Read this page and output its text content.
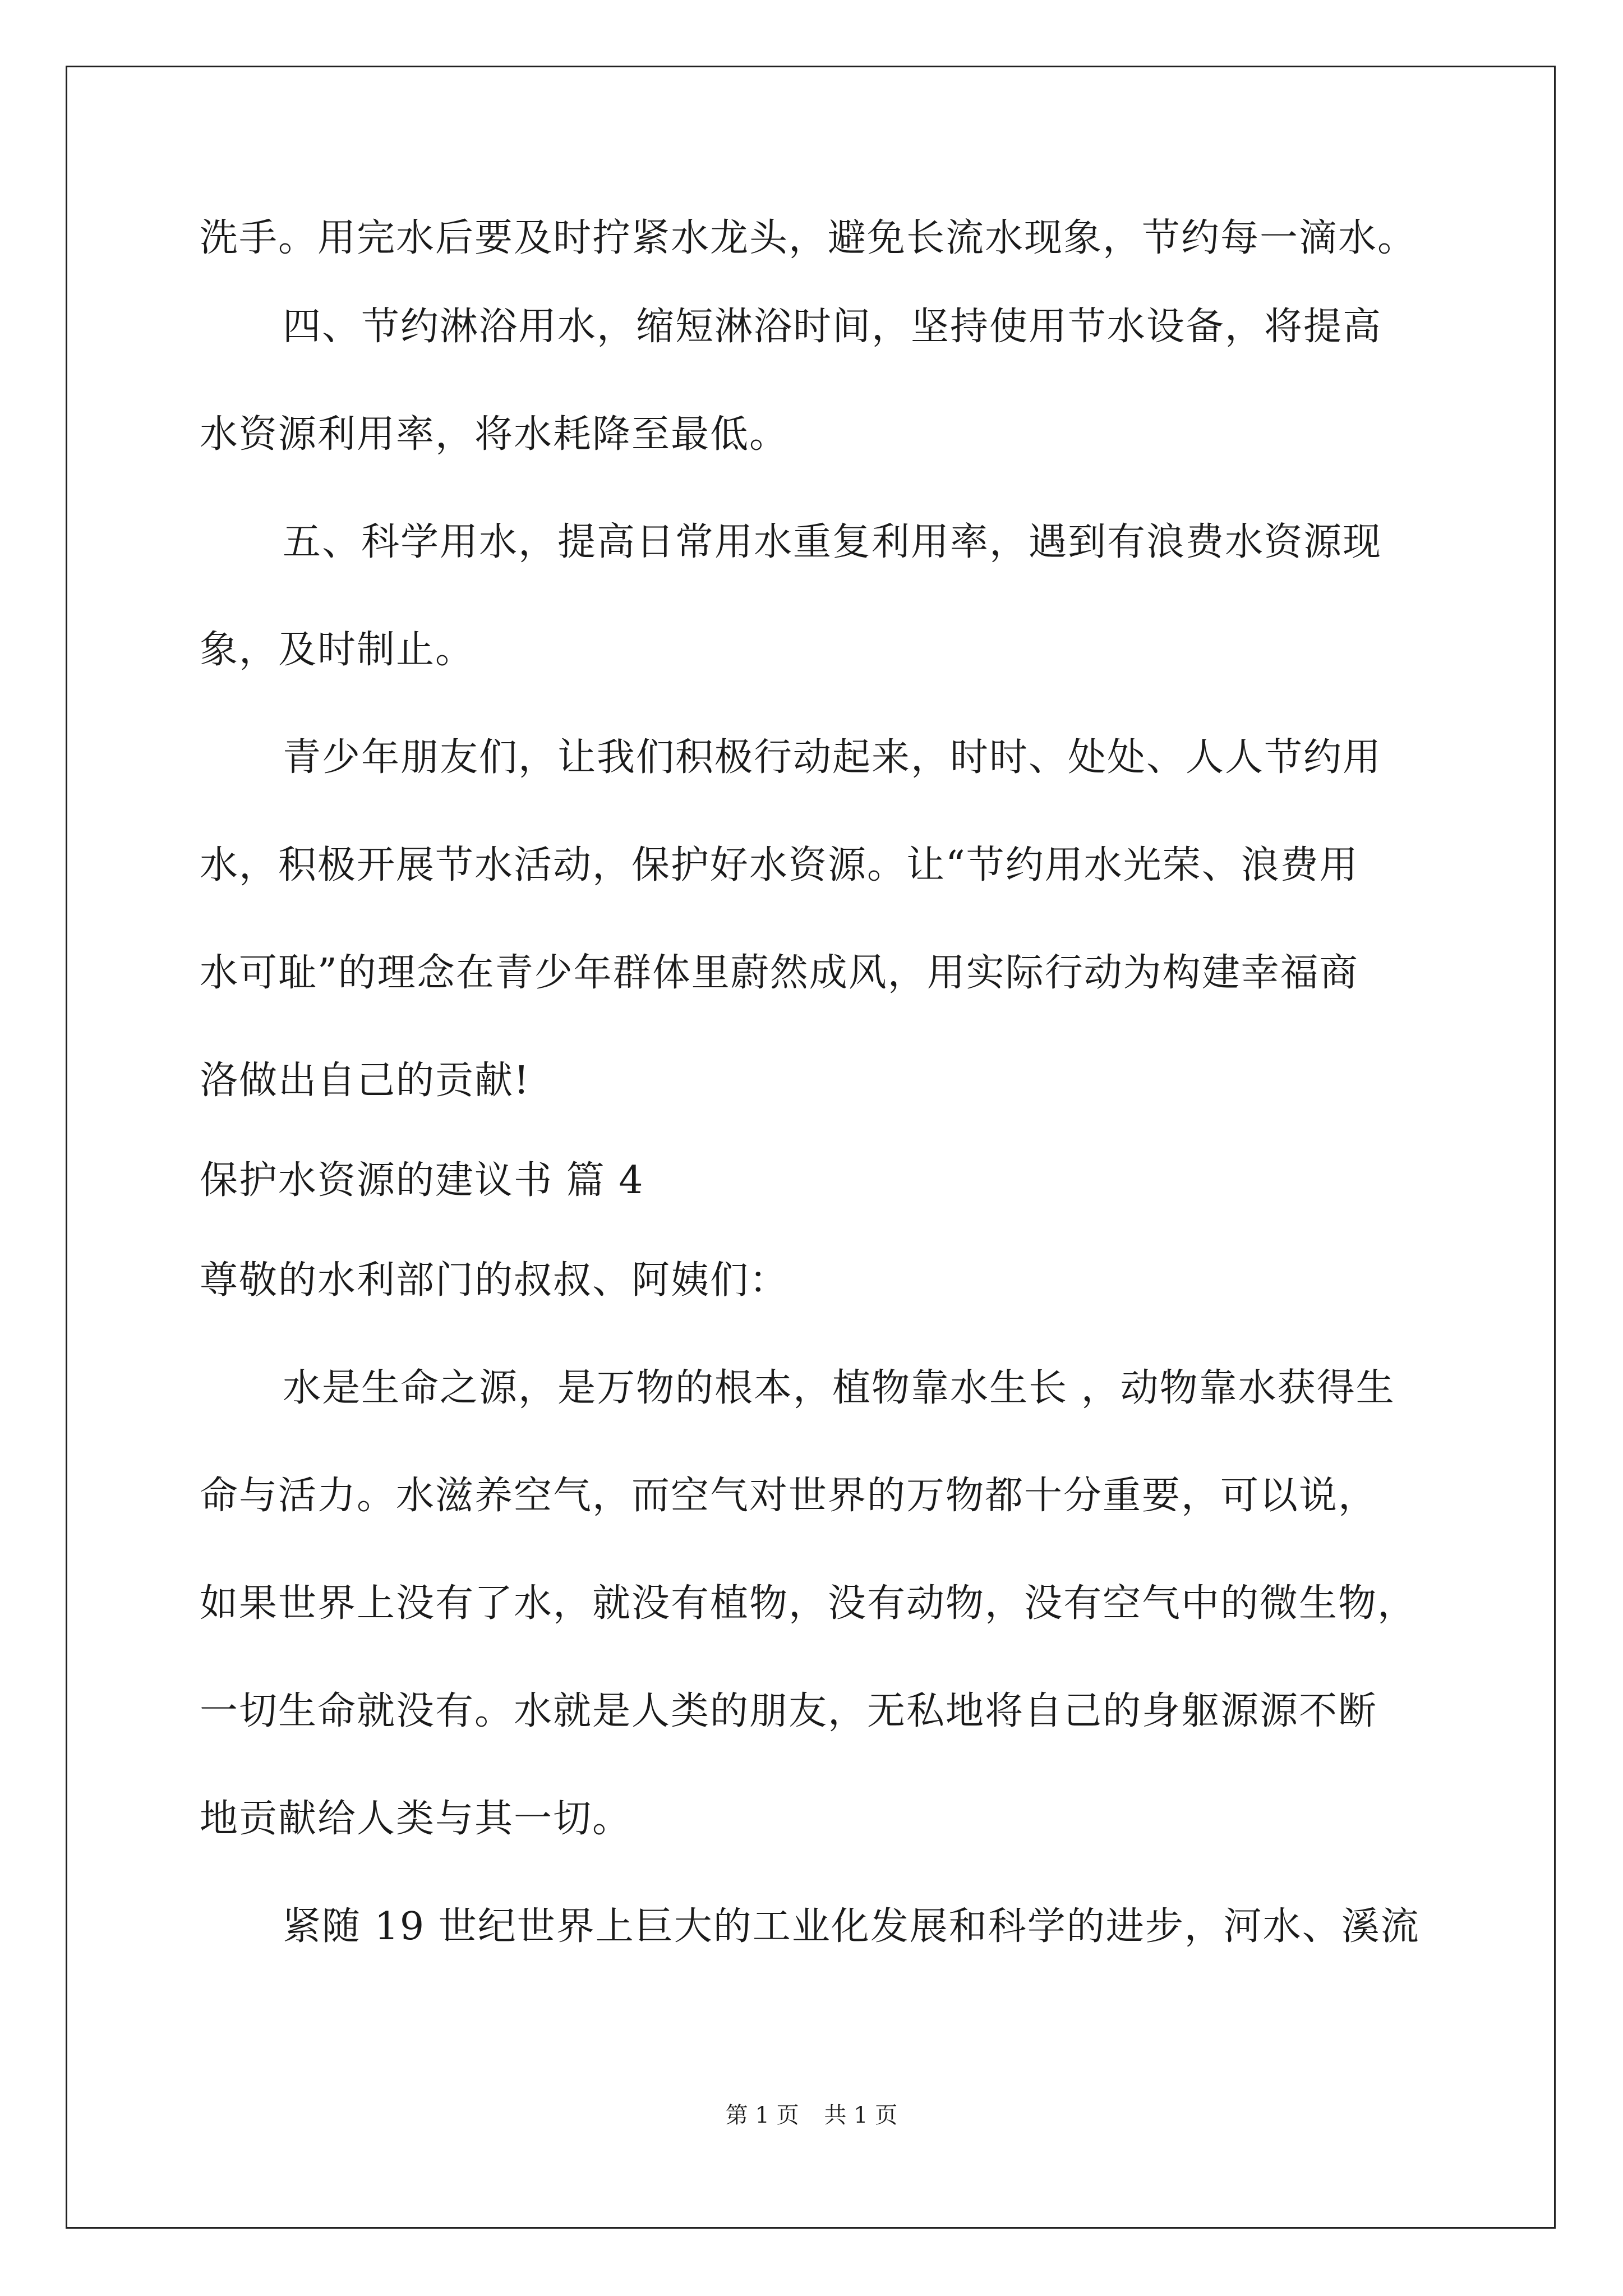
洗手。用完水后要及时拧紧水龙头，避免长流水现象，节约每一滴水。
四、节约淋浴用水，缩短淋浴时间，坚持使用节水设备，将提高
水资源利用率，将水耗降至最低。
五、科学用水，提高日常用水重复利用率，遇到有浪费水资源现
象，及时制止。
青少年朋友们，让我们积极行动起来，时时、处处、人人节约用
水，积极开展节水活动，保护好水资源。让“节约用水光荣、浪费用
水可耻”的理念在青少年群体里蔚然成风，用实际行动为构建幸福商
洛做出自己的贡献!
保护水资源的建议书 篇 4
尊敬的水利部门的叔叔、阿姨们：
水是生命之源，是万物的根本，植物靠水生长 ，动物靠水获得生
命与活力。水滋养空气，而空气对世界的万物都十分重要，可以说，
如果世界上没有了水，就没有植物，没有动物，没有空气中的微生物，
一切生命就没有。水就是人类的朋友，无私地将自己的身躯源源不断
地贡献给人类与其一切。
紧随 19 世纪世界上巨大的工业化发展和科学的进步，河水、溪流
第 1 页 共 1 页
